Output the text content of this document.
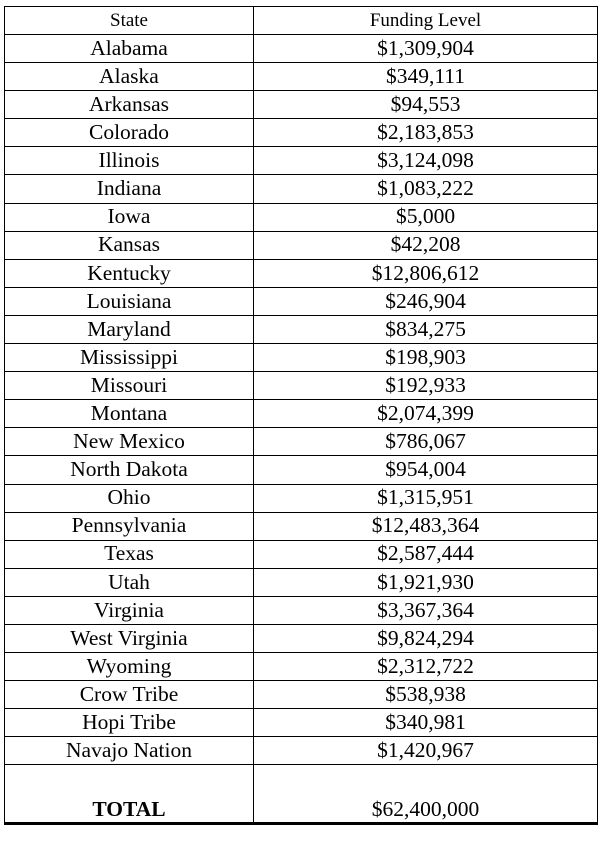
State	Funding Level
Alabama	$1,309,904
Alaska	$349,111
Arkansas	$94,553
Colorado	$2,183,853
Illinois	$3,124,098
Indiana	$1,083,222
Iowa	$5,000
Kansas	$42,208
Kentucky	$12,806,612
Louisiana	$246,904
Maryland	$834,275
Mississippi	$198,903
Missouri	$192,933
Montana	$2,074,399
New Mexico	$786,067
North Dakota	$954,004
Ohio	$1,315,951
Pennsylvania	$12,483,364
Texas	$2,587,444
Utah	$1,921,930
Virginia	$3,367,364
West Virginia	$9,824,294
Wyoming	$2,312,722
Crow Tribe	$538,938
Hopi Tribe	$340,981
Navajo Nation	$1,420,967
TOTAL	$62,400,000
